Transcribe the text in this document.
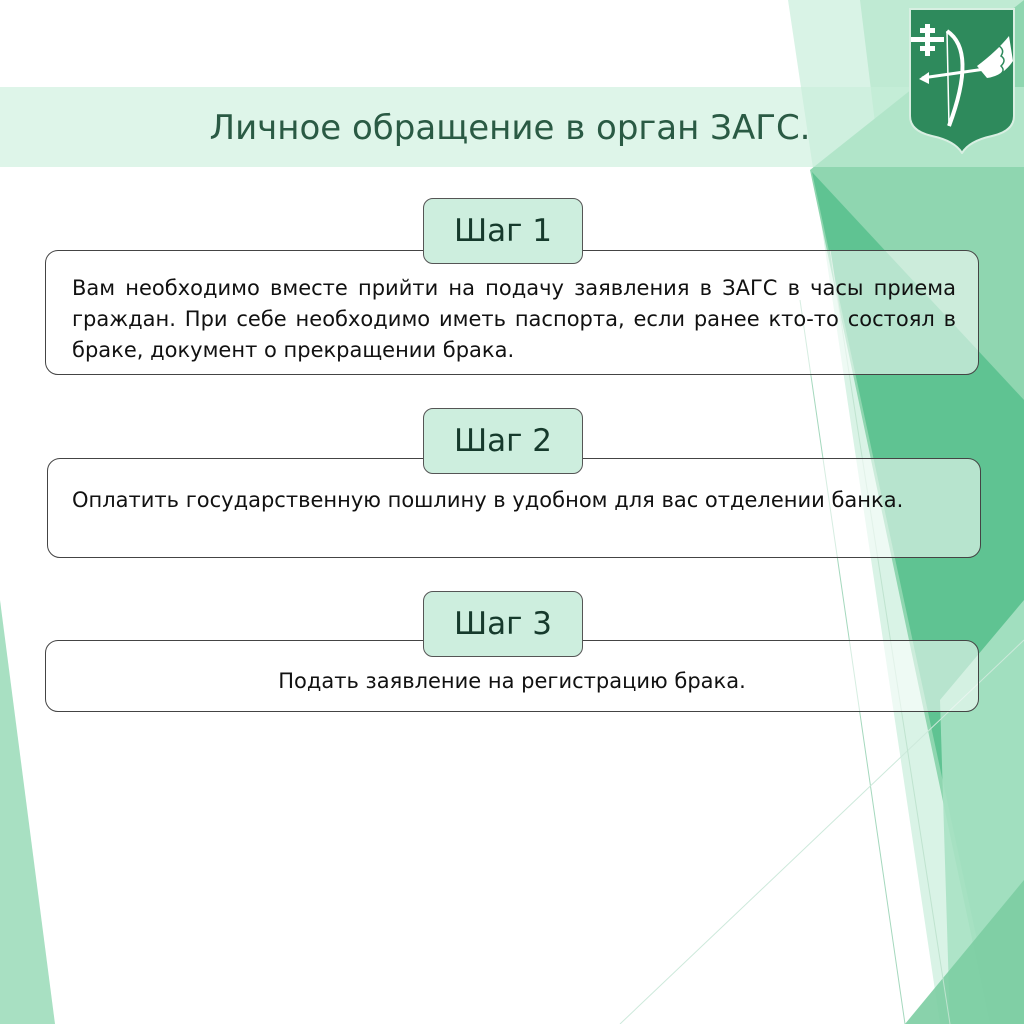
Личное обращение в орган ЗАГС.
Вам необходимо вместе прийти на подачу заявления в ЗАГС в часы приема граждан. При себе необходимо иметь паспорта, если ранее кто-то состоял в браке, документ о прекращении брака.
Шаг 1
Оплатить государственную пошлину в удобном для вас отделении банка.
Шаг 2
Подать заявление на регистрацию брака.
Шаг 3
